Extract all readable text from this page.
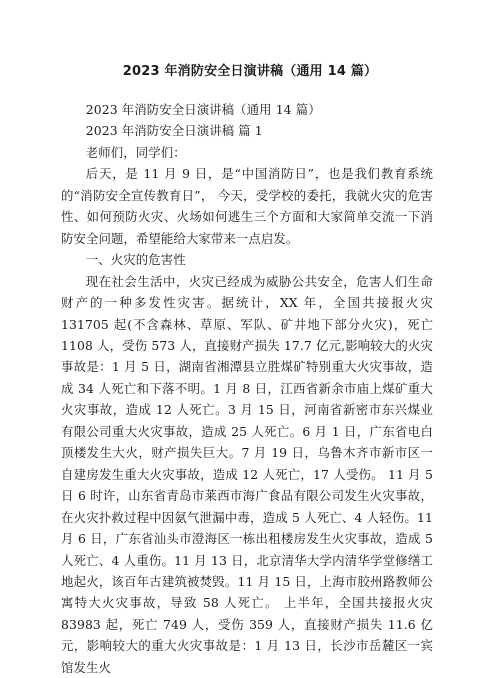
2023 年消防安全日演讲稿（通用 14 篇）

2023 年消防安全日演讲稿（通用 14 篇）

2023 年消防安全日演讲稿 篇 1

老师们，同学们：

后天，是 11 月 9 日，是“中国消防日”，也是我们教育系统的“消防安全宣传教育日”， 今天，受学校的委托，我就火灾的危害性、如何预防火灾、火场如何逃生三个方面和大家简单交流一下消防安全问题，希望能给大家带来一点启发。

一、火灾的危害性

现在社会生活中，火灾已经成为威胁公共安全，危害人们生命财产的一种多发性灾害。据统计，XX 年，全国共接报火灾 131705 起(不含森林、草原、军队、矿井地下部分火灾)，死亡 1108 人，受伤 573 人，直接财产损失 17.7 亿元,影响较大的火灾事故是：1 月 5 日，湖南省湘潭县立胜煤矿特别重大火灾事故，造成 34 人死亡和下落不明。1 月 8 日，江西省新余市庙上煤矿重大火灾事故，造成 12 人死亡。3 月 15 日，河南省新密市东兴煤业有限公司重大火灾事故，造成 25 人死亡。6 月 1 日，广东省电白顶楼发生大火，财产损失巨大。7 月 19 日，乌鲁木齐市新市区一自建房发生重大火灾事故，造成 12 人死亡，17 人受伤。 11 月 5 日 6 时许，山东省青岛市莱西市海广食品有限公司发生火灾事故，在火灾扑救过程中因氨气泄漏中毒，造成 5 人死亡、4 人轻伤。11 月 6 日，广东省汕头市澄海区一栋出租楼房发生火灾事故，造成 5 人死亡、4 人重伤。11 月 13 日，北京清华大学内清华学堂修缮工地起火，该百年古建筑被焚毁。11 月 15 日，上海市胶州路教师公寓特大火灾事故，导致 58 人死亡。 上半年，全国共接报火灾 83983 起，死亡 749 人，受伤 359 人，直接财产损失 11.6 亿元，影响较大的重大火灾事故是：1 月 13 日，长沙市岳麓区一宾馆发生火
